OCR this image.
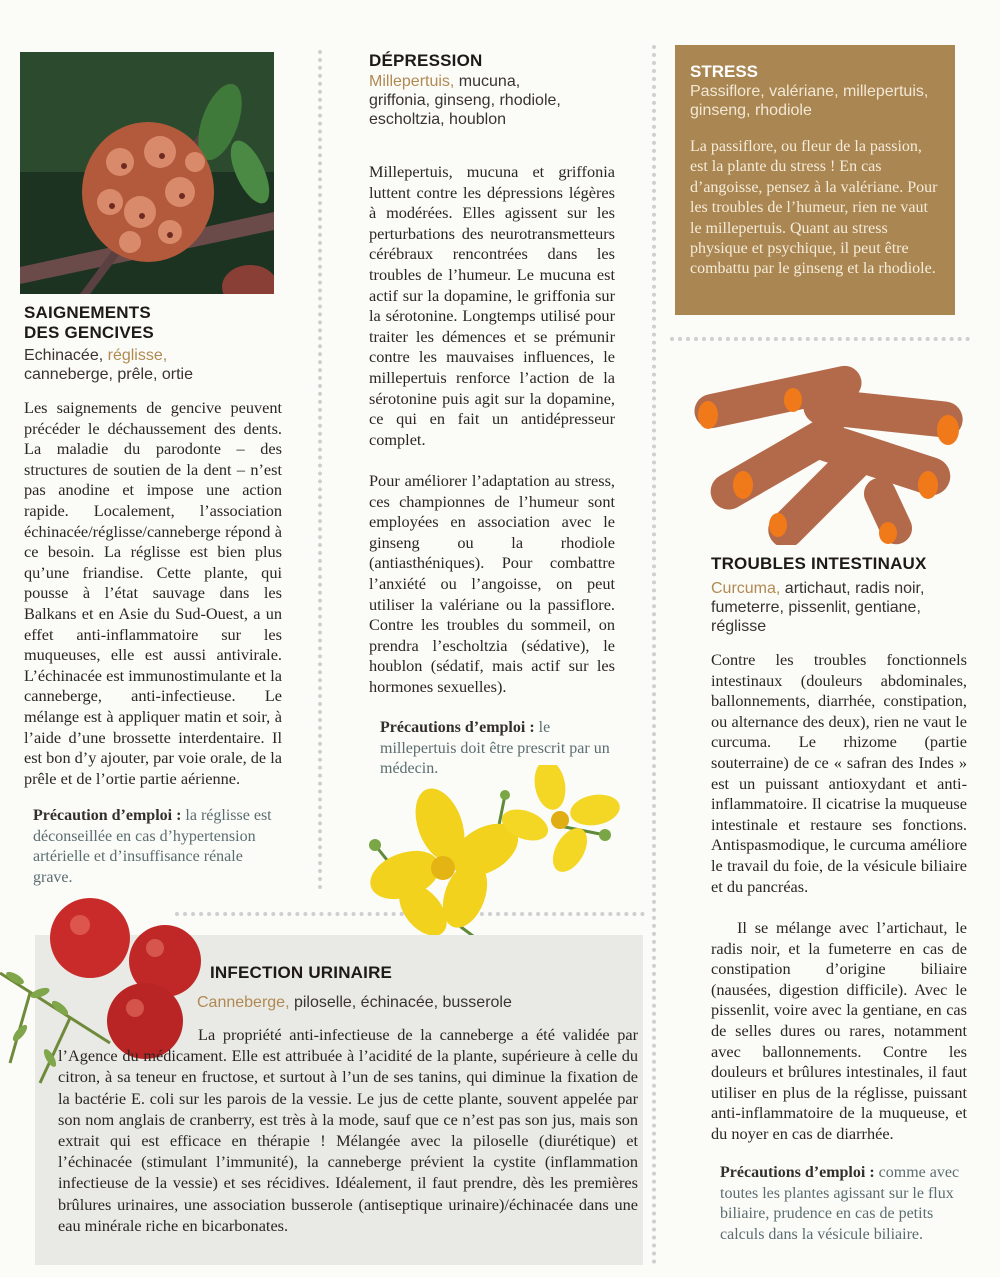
SAIGNEMENTS
DES GENCIVES
Echinacée, réglisse,
canneberge, prêle, ortie
Les saignements de gencive peuvent précéder le déchaussement des dents. La maladie du parodonte – des structures de soutien de la dent – n’est pas anodine et impose une action rapide. Localement, l’association échinacée/réglisse/canneberge répond à ce besoin. La réglisse est bien plus qu’une friandise. Cette plante, qui pousse à l’état sauvage dans les Balkans et en Asie du Sud-Ouest, a un effet anti-inflammatoire sur les muqueuses, elle est aussi antivirale. L’échinacée est immunostimulante et la canneberge, anti-infectieuse. Le mélange est à appliquer matin et soir, à l’aide d’une brossette interdentaire. Il est bon d’y ajouter, par voie orale, de la prêle et de l’ortie partie aérienne.
Précaution d’emploi : la réglisse est déconseillée en cas d’hypertension artérielle et d’insuffisance rénale grave.
DÉPRESSION
Millepertuis, mucuna, griffonia, ginseng, rhodiole, escholtzia, houblon
Millepertuis, mucuna et griffonia luttent contre les dépressions légères à modérées. Elles agissent sur les perturbations des neurotransmetteurs cérébraux rencontrées dans les troubles de l’humeur. Le mucuna est actif sur la dopamine, le griffonia sur la sérotonine. Longtemps utilisé pour traiter les démences et se prémunir contre les mauvaises influences, le millepertuis renforce l’action de la sérotonine puis agit sur la dopamine, ce qui en fait un antidépresseur complet.
Pour améliorer l’adaptation au stress, ces championnes de l’humeur sont employées en association avec le ginseng ou la rhodiole (antiasthéniques). Pour combattre l’anxiété ou l’angoisse, on peut utiliser la valériane ou la passiflore. Contre les troubles du sommeil, on prendra l’escholtzia (sédative), le houblon (sédatif, mais actif sur les hormones sexuelles).
Précautions d’emploi : le millepertuis doit être prescrit par un médecin.
STRESS
Passiflore, valériane, millepertuis, ginseng, rhodiole
La passiflore, ou fleur de la passion, est la plante du stress ! En cas d’angoisse, pensez à la valériane. Pour les troubles de l’humeur, rien ne vaut le millepertuis. Quant au stress physique et psychique, il peut être combattu par le ginseng et la rhodiole.
TROUBLES INTESTINAUX
Curcuma, artichaut, radis noir, fumeterre, pissenlit, gentiane, réglisse
Contre les troubles fonctionnels intestinaux (douleurs abdominales, ballonnements, diarrhée, constipation, ou alternance des deux), rien ne vaut le curcuma. Le rhizome (partie souterraine) de ce « safran des Indes » est un puissant antioxydant et anti-inflammatoire. Il cicatrise la muqueuse intestinale et restaure ses fonctions. Antispasmodique, le curcuma améliore le travail du foie, de la vésicule biliaire et du pancréas.
Il se mélange avec l’artichaut, le radis noir, et la fumeterre en cas de constipation d’origine biliaire (nausées, digestion difficile). Avec le pissenlit, voire avec la gentiane, en cas de selles dures ou rares, notamment avec ballonnements. Contre les douleurs et brûlures intestinales, il faut utiliser en plus de la réglisse, puissant anti-inflammatoire de la muqueuse, et du noyer en cas de diarrhée.
Précautions d’emploi : comme avec toutes les plantes agissant sur le flux biliaire, prudence en cas de petits calculs dans la vésicule biliaire.
INFECTION URINAIRE
Canneberge, piloselle, échinacée, busserole
La propriété anti-infectieuse de la canneberge a été validée par l’Agence du médicament. Elle est attribuée à l’acidité de la plante, supérieure à celle du citron, à sa teneur en fructose, et surtout à l’un de ses tanins, qui diminue la fixation de la bactérie E. coli sur les parois de la vessie. Le jus de cette plante, souvent appelée par son nom anglais de cranberry, est très à la mode, sauf que ce n’est pas son jus, mais son extrait qui est efficace en thérapie ! Mélangée avec la piloselle (diurétique) et l’échinacée (stimulant l’immunité), la canneberge prévient la cystite (inflammation infectieuse de la vessie) et ses récidives. Idéalement, il faut prendre, dès les premières brûlures urinaires, une association busserole (antiseptique urinaire)/échinacée dans une eau minérale riche en bicarbonates.
